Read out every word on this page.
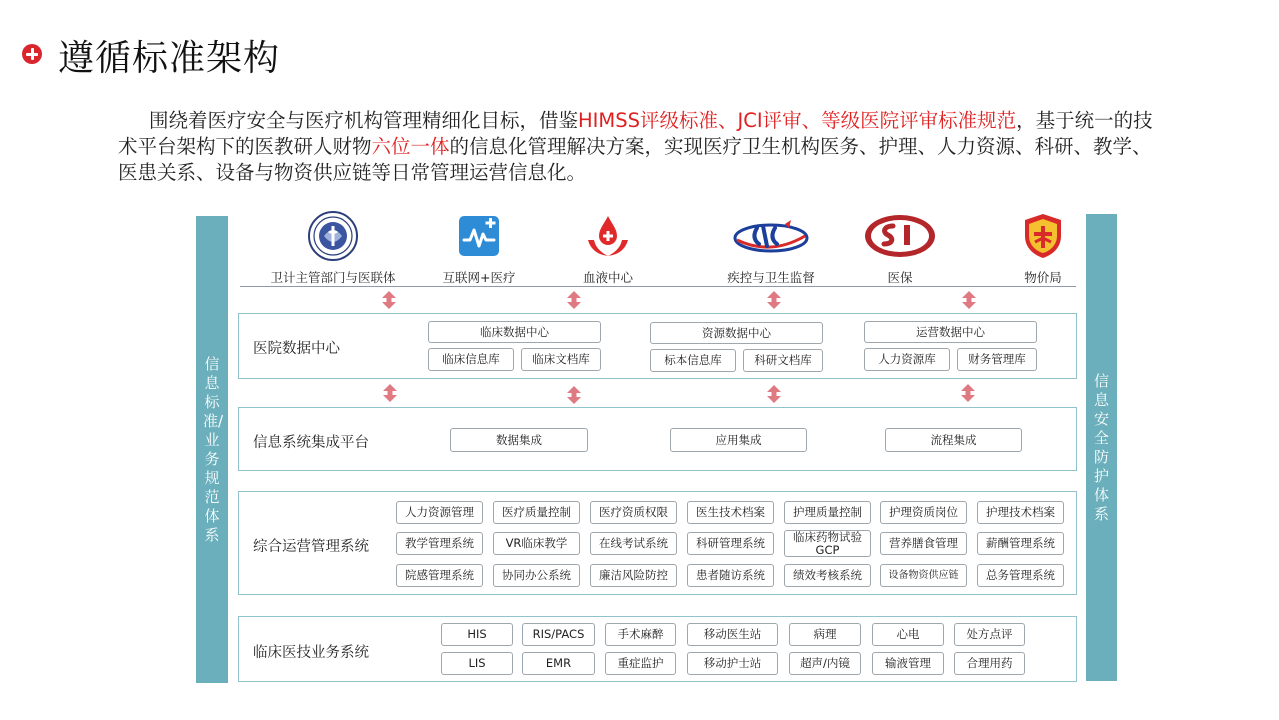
遵循标准架构

围绕着医疗安全与医疗机构管理精细化目标，借鉴HIMSS评级标准、JCI评审、等级医院评审标准规范，基于统一的技术平台架构下的医教研人财物六位一体的信息化管理解决方案，实现医疗卫生机构医务、护理、人力资源、科研、教学、医患关系、设备与物资供应链等日常管理运营信息化。

信息标准/业务规范体系
信息安全防护体系
卫计主管部门与医联体	互联网+医疗	血液中心	疾控与卫生监督	医保	物价局
医院数据中心
临床数据中心
临床信息库	临床文档库
资源数据中心
标本信息库	科研文档库
运营数据中心
人力资源库	财务管理库
信息系统集成平台	数据集成	应用集成	流程集成
综合运营管理系统
人力资源管理	医疗质量控制	医疗资质权限	医生技术档案	护理质量控制	护理资质岗位	护理技术档案
教学管理系统	VR临床教学	在线考试系统	科研管理系统	临床药物试验GCP	营养膳食管理	薪酬管理系统
院感管理系统	协同办公系统	廉洁风险防控	患者随访系统	绩效考核系统	设备物资供应链	总务管理系统
临床医技业务系统
HIS	RIS/PACS	手术麻醉	移动医生站	病理	心电	处方点评
LIS	EMR	重症监护	移动护士站	超声/内镜	输液管理	合理用药
